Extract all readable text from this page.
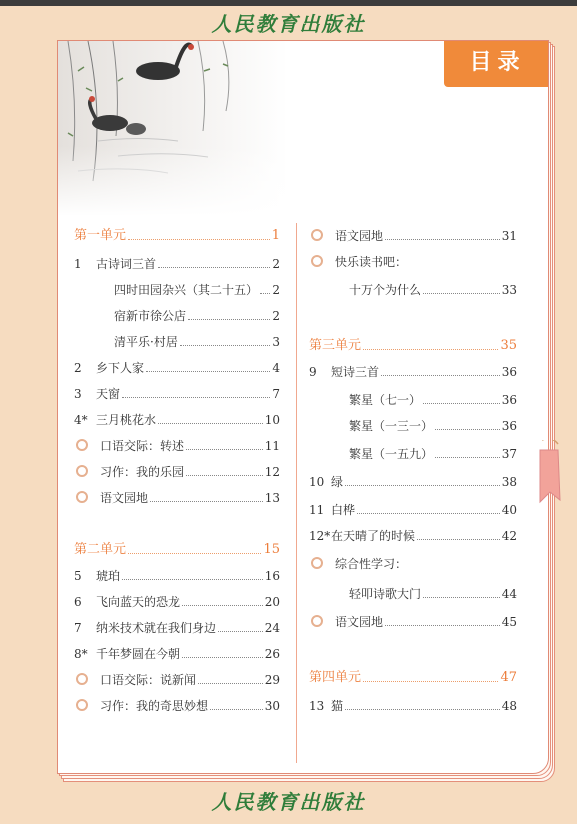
人民教育出版社
目录
第一单元	1
1	古诗词三首	2
四时田园杂兴（其二十五） 2
宿新市徐公店	2
清平乐·村居	3
2	乡下人家	4
3	天窗	7
4* 三月桃花水	10
口语交际：转述	11
习作：我的乐园	12
语文园地	13
第二单元	15
5	琥珀	16
6	飞向蓝天的恐龙	20
7	纳米技术就在我们身边	24
8* 千年梦圆在今朝	26
口语交际：说新闻	29
习作：我的奇思妙想	30
语文园地	31
快乐读书吧：
十万个为什么	33
第三单元	35
9	短诗三首	36
繁星（七一）	36
繁星（一三一）	36
繁星（一五九）	37
10 绿	38
11 白桦	40
12* 在天晴了的时候	42
综合性学习：
轻叩诗歌大门	44
语文园地	45
第四单元	47
13 猫	48
人民教育出版社
